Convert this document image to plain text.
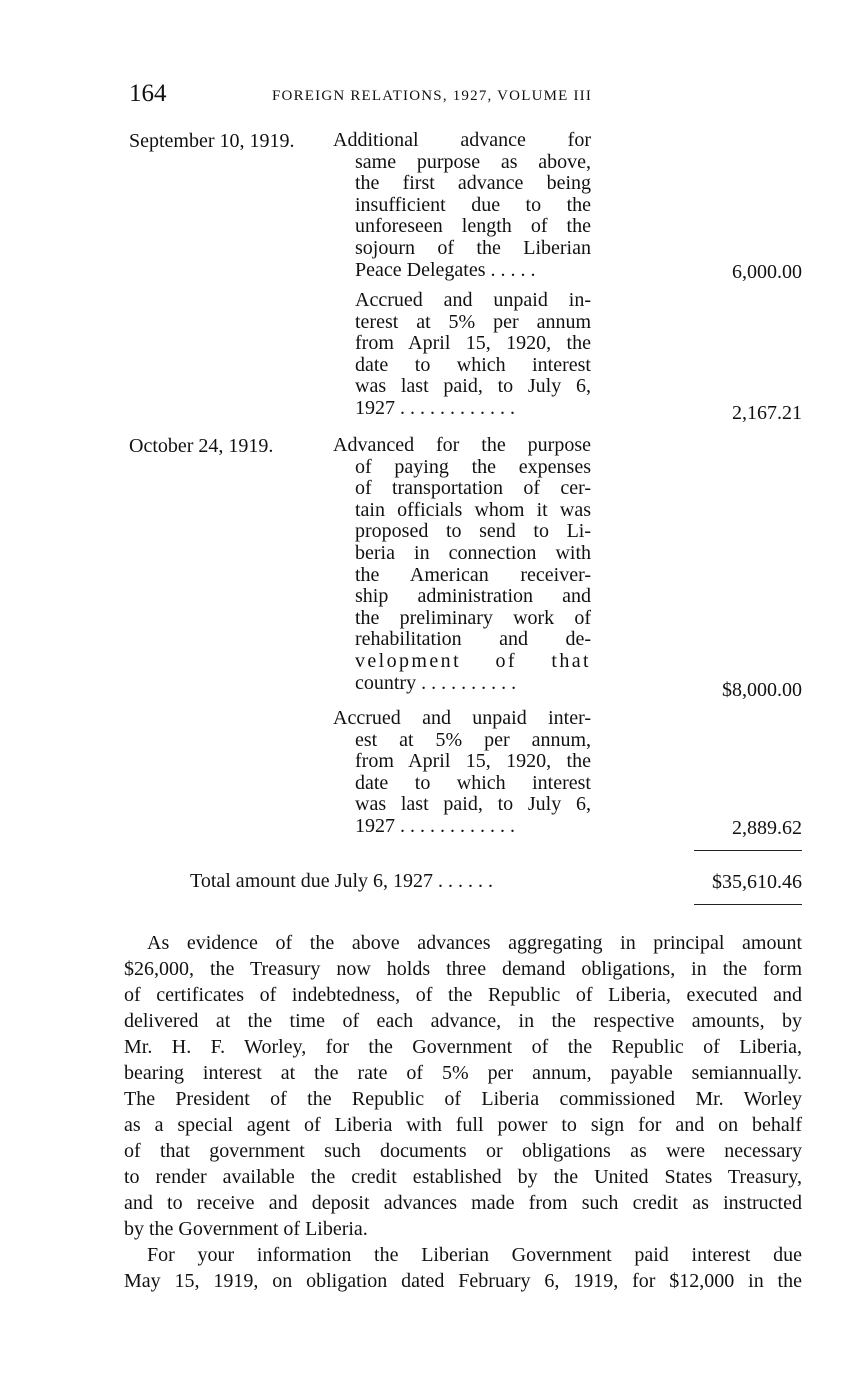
164	FOREIGN RELATIONS, 1927, VOLUME III
September 10, 1919. Additional advance for
same purpose as above,
the first advance being
insufficient due to the
unforeseen length of the
sojourn of the Liberian
Peace Delegates . . . . .	6,000.00
Accrued and unpaid in-
terest at 5% per annum
from April 15, 1920, the
date to which interest
was last paid, to July 6,
1927 . . . . . . . . . . . .	2,167.21
October 24, 1919.	Advanced for the purpose
of paying the expenses
of transportation of cer-
tain officials whom it was
proposed to send to Li-
beria in connection with
the American receiver-
ship administration and
the preliminary work of
rehabilitation and de-
velopment of that
country . . . . . . . . . .	$8,000.00
Accrued and unpaid inter-
est at 5% per annum,
from April 15, 1920, the
date to which interest
was last paid, to July 6,
1927 . . . . . . . . . . . .	2,889.62
Total amount due July 6, 1927 . . . . . .	$35,610.46
As evidence of the above advances aggregating in principal amount
$26,000, the Treasury now holds three demand obligations, in the form
of certificates of indebtedness, of the Republic of Liberia, executed and
delivered at the time of each advance, in the respective amounts, by
Mr. H. F. Worley, for the Government of the Republic of Liberia,
bearing interest at the rate of 5% per annum, payable semiannually.
The President of the Republic of Liberia commissioned Mr. Worley
as a special agent of Liberia with full power to sign for and on behalf
of that government such documents or obligations as were necessary
to render available the credit established by the United States Treasury,
and to receive and deposit advances made from such credit as instructed
by the Government of Liberia.
For your information the Liberian Government paid interest due
May 15, 1919, on obligation dated February 6, 1919, for $12,000 in the
